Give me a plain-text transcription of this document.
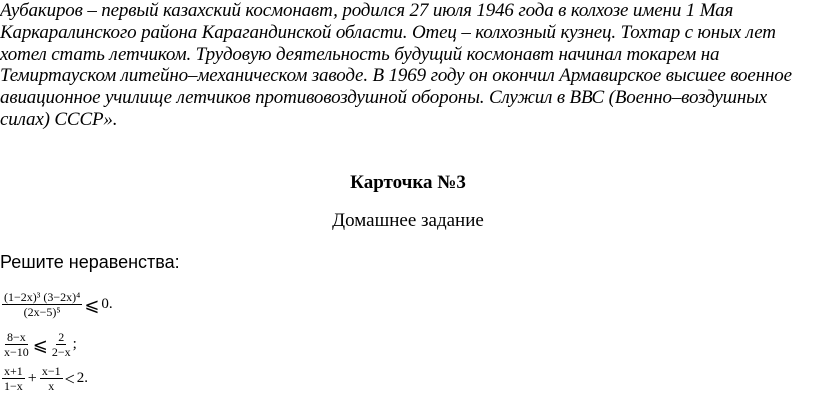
Аубакиров – первый казахский космонавт, родился 27 июля 1946 года в колхозе имени 1 Мая
Каркаралинского района Карагандинской области. Отец – колхозный кузнец. Тохтар с юных лет
хотел стать летчиком. Трудовую деятельность будущий космонавт начинал токарем на
Темиртауском литейно–механическом заводе. В 1969 году он окончил Армавирское высшее военное
авиационное училище летчиков противовоздушной обороны. Служил в ВВС (Военно–воздушных
силах) СССР».
Карточка №3
Домашнее задание
Решите неравенства:
$\frac{\text{(1−2x)³ (3−2x)⁴}}{\text{(2x−5)⁵}}$ ⩽ 0.
$\frac{8-x}{x-10}$ ⩽ $\frac{2}{2-x}$ ;
$\frac{x+1}{1-x} + \frac{x-1}{x} < 2$.
